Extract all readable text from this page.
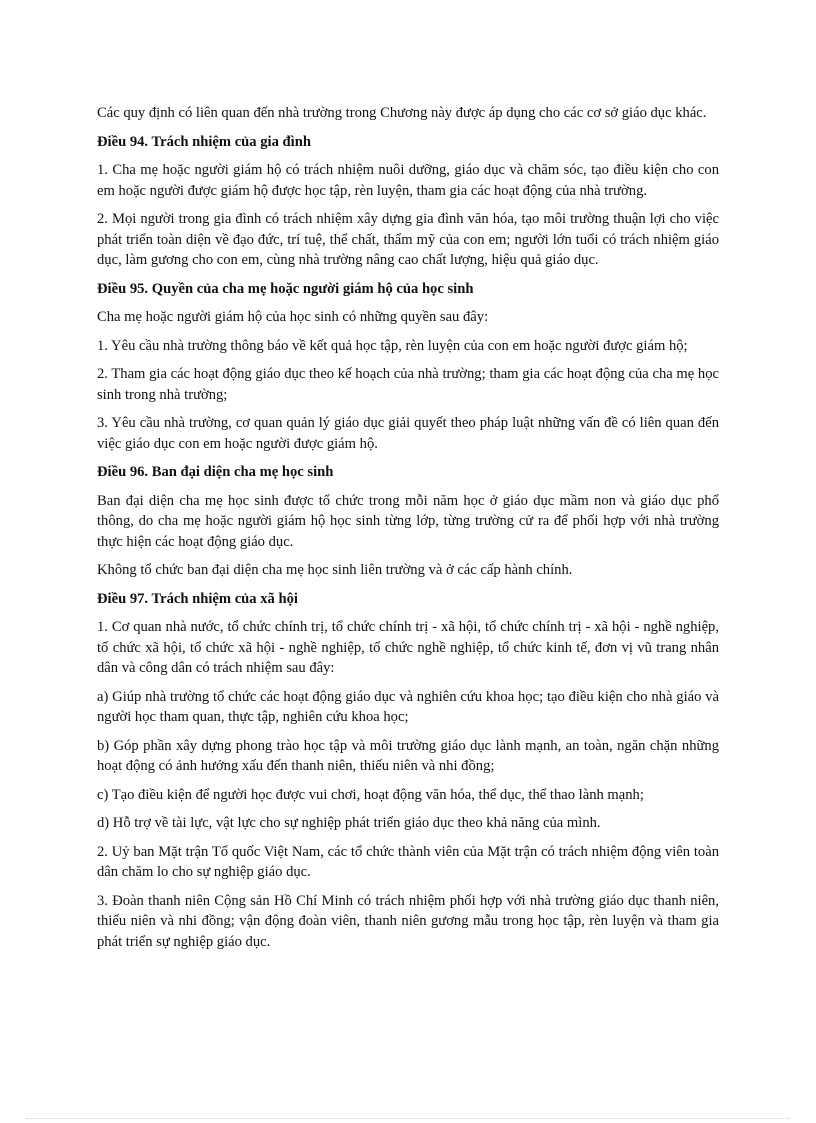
Các quy định có liên quan đến nhà trường trong Chương này được áp dụng cho các cơ sở giáo dục khác.

Điều 94. Trách nhiệm của gia đình

1. Cha mẹ hoặc người giám hộ có trách nhiệm nuôi dưỡng, giáo dục và chăm sóc, tạo điều kiện cho con em hoặc người được giám hộ được học tập, rèn luyện, tham gia các hoạt động của nhà trường.

2. Mọi người trong gia đình có trách nhiệm xây dựng gia đình văn hóa, tạo môi trường thuận lợi cho việc phát triển toàn diện về đạo đức, trí tuệ, thể chất, thẩm mỹ của con em; người lớn tuổi có trách nhiệm giáo dục, làm gương cho con em, cùng nhà trường nâng cao chất lượng, hiệu quả giáo dục.

Điều 95. Quyền của cha mẹ hoặc người giám hộ của học sinh

Cha mẹ hoặc người giám hộ của học sinh có những quyền sau đây:

1. Yêu cầu nhà trường thông báo về kết quả học tập, rèn luyện của con em hoặc người được giám hộ;

2. Tham gia các hoạt động giáo dục theo kế hoạch của nhà trường; tham gia các hoạt động của cha mẹ học sinh trong nhà trường;

3. Yêu cầu nhà trường, cơ quan quản lý giáo dục giải quyết theo pháp luật những vấn đề có liên quan đến việc giáo dục con em hoặc người được giám hộ.

Điều 96. Ban đại diện cha mẹ học sinh

Ban đại diện cha mẹ học sinh được tổ chức trong mỗi năm học ở giáo dục mầm non và giáo dục phổ thông, do cha mẹ hoặc người giám hộ học sinh từng lớp, từng trường cử ra để phối hợp với nhà trường thực hiện các hoạt động giáo dục.

Không tổ chức ban đại diện cha mẹ học sinh liên trường và ở các cấp hành chính.

Điều 97. Trách nhiệm của xã hội

1. Cơ quan nhà nước, tổ chức chính trị, tổ chức chính trị - xã hội, tổ chức chính trị - xã hội - nghề nghiệp, tổ chức xã hội, tổ chức xã hội - nghề nghiệp, tổ chức nghề nghiệp, tổ chức kinh tế, đơn vị vũ trang nhân dân và công dân có trách nhiệm sau đây:

a) Giúp nhà trường tổ chức các hoạt động giáo dục và nghiên cứu khoa học; tạo điều kiện cho nhà giáo và người học tham quan, thực tập, nghiên cứu khoa học;

b) Góp phần xây dựng phong trào học tập và môi trường giáo dục lành mạnh, an toàn, ngăn chặn những hoạt động có ảnh hưởng xấu đến thanh niên, thiếu niên và nhi đồng;

c) Tạo điều kiện để người học được vui chơi, hoạt động văn hóa, thể dục, thể thao lành mạnh;

d) Hỗ trợ về tài lực, vật lực cho sự nghiệp phát triển giáo dục theo khả năng của mình.

2. Uỷ ban Mặt trận Tổ quốc Việt Nam, các tổ chức thành viên của Mặt trận có trách nhiệm động viên toàn dân chăm lo cho sự nghiệp giáo dục.

3. Đoàn thanh niên Cộng sản Hồ Chí Minh có trách nhiệm phối hợp với nhà trường giáo dục thanh niên, thiếu niên và nhi đồng; vận động đoàn viên, thanh niên gương mẫu trong học tập, rèn luyện và tham gia phát triển sự nghiệp giáo dục.
